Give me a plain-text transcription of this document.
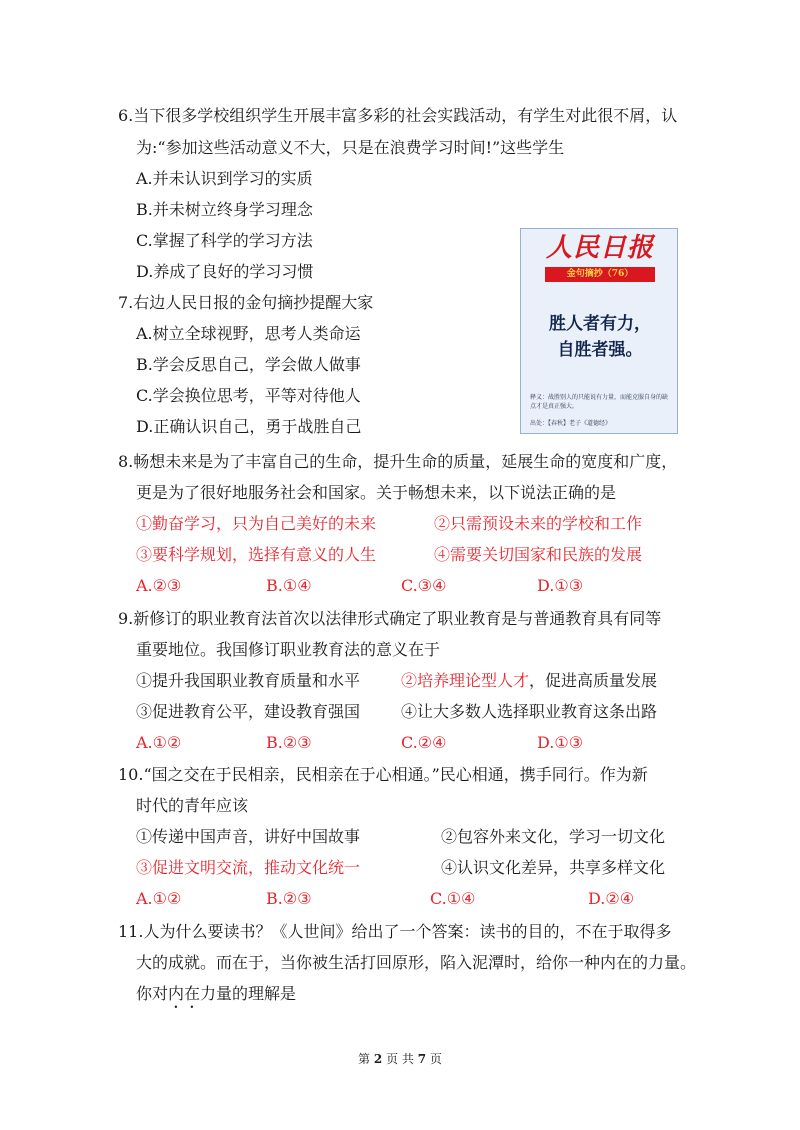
6.当下很多学校组织学生开展丰富多彩的社会实践活动，有学生对此很不屑，认
为:“参加这些活动意义不大，只是在浪费学习时间!”这些学生
A.并未认识到学习的实质
B.并未树立终身学习理念
C.掌握了科学的学习方法
D.养成了良好的学习习惯
7.右边人民日报的金句摘抄提醒大家
A.树立全球视野，思考人类命运
B.学会反思自己，学会做人做事
C.学会换位思考，平等对待他人
D.正确认识自己，勇于战胜自己
人民日报
金句摘抄（76）
胜人者有力，
自胜者强。
释义：战胜别人的只能说有力量，而能克服自身的缺点才是真正强大。
出处：【春秋】老子《道德经》
8.畅想未来是为了丰富自己的生命，提升生命的质量，延展生命的宽度和广度，
更是为了很好地服务社会和国家。关于畅想未来，以下说法正确的是
①勤奋学习，只为自己美好的未来	②只需预设未来的学校和工作
③要科学规划，选择有意义的人生	④需要关切国家和民族的发展
A.②③	B.①④	C.③④	D.①③
9.新修订的职业教育法首次以法律形式确定了职业教育是与普通教育具有同等
重要地位。我国修订职业教育法的意义在于
①提升我国职业教育质量和水平	②培养理论型人才，促进高质量发展
③促进教育公平，建设教育强国	④让大多数人选择职业教育这条出路
A.①②	B.②③	C.②④	D.①③
10.“国之交在于民相亲，民相亲在于心相通。”民心相通，携手同行。作为新
时代的青年应该
①传递中国声音，讲好中国故事	②包容外来文化，学习一切文化
③促进文明交流，推动文化统一	④认识文化差异，共享多样文化
A.①②	B.②③	C.①④	D.②④
11.人为什么要读书？《人世间》给出了一个答案：读书的目的，不在于取得多
大的成就。而在于，当你被生活打回原形，陷入泥潭时，给你一种内在的力量。
你对内在力量的理解是
第 2 页 共 7 页
